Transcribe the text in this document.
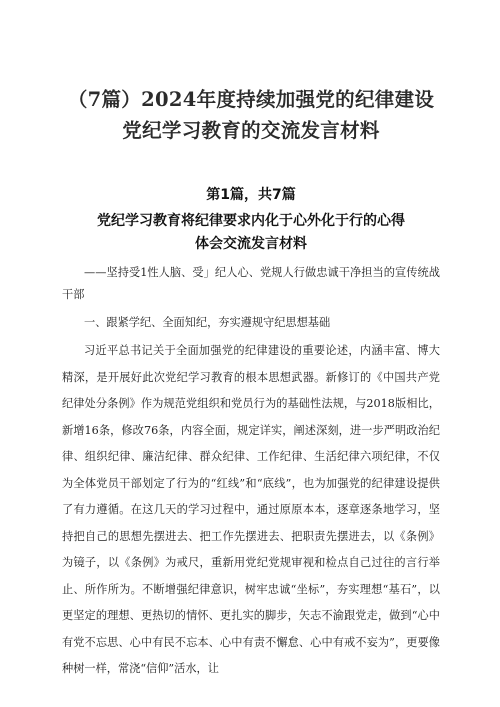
（7篇）2024年度持续加强党的纪律建设党纪学习教育的交流发言材料
第1篇，共7篇
党纪学习教育将纪律要求内化于心外化于行的心得
体会交流发言材料

——坚持受1性人脑、受」纪人心、党规人行做忠诚干净担当的宣传统战干部

一、跟紧学纪、全面知纪，夯实遵规守纪思想基础

习近平总书记关于全面加强党的纪律建设的重要论述，内涵丰富、博大精深，是开展好此次党纪学习教育的根本思想武器。新修订的《中国共产党纪律处分条例》作为规范党组织和党员行为的基础性法规，与2018版相比，新增16条，修改76条，内容全面，规定详实，阐述深刻，进一步严明政治纪律、组织纪律、廉洁纪律、群众纪律、工作纪律、生活纪律六项纪律，不仅为全体党员干部划定了行为的“红线”和“底线”，也为加强党的纪律建设提供了有力遵循。在这几天的学习过程中，通过原原本本，逐章逐条地学习，坚持把自己的思想先摆进去、把工作先摆进去、把职责先摆进去，以《条例》为镜子，以《条例》为戒尺，重新用党纪党规审视和检点自己过往的言行举止、所作所为。不断增强纪律意识，树牢忠诚“坐标”，夯实理想“基石”，以更坚定的理想、更热切的情怀、更扎实的脚步，矢志不渝跟党走，做到“心中有党不忘思、心中有民不忘本、心中有责不懈怠、心中有戒不妄为”，更要像种树一样，常浇“信仰”活水，让
